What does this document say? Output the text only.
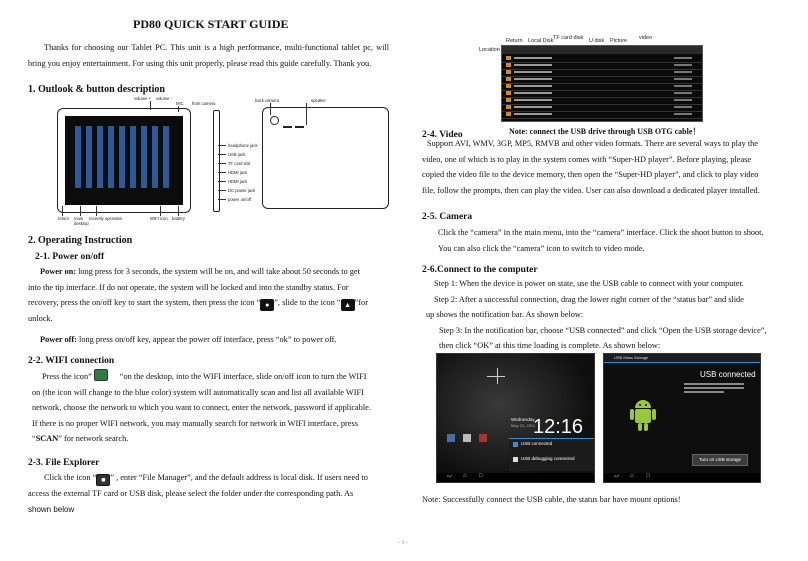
PD80 QUICK START GUIDE
Thanks for choosing our Tablet PC. This unit is a high performance, multi-functional tablet pc, will bring you enjoy entertainment. For using this unit properly, please read this guide carefully. Thank you.
1. Outlook & button description
volume + volume -
MIC front camera
return main desktop
recently operation	WIFI icon battery
back camera	speaker
headphone jack
USB jack
TF card slot
HDMI jack
HDMI jack
DC power jack
power on/off
2. Operating Instruction
2-1. Power on/off
Power on: long press for 3 seconds, the system will be on, and will take about 50 seconds to get
into the tip interface. If do not operate, the system will be locked and into the standby status. For
recovery, press the on/off key to start the system, then press the icon “ ● ”, slide to the icon “ ▲ ”for
unlock.
Power off: long press on/off key, appear the power off interface, press “ok” to power off.
2-2. WIFI connection
Press the icon”	“on the desktop, into the WIFI interface, slide on/off icon to turn the WIFI
on (the icon will change to the blue color) system will automatically scan and list all available WIFI
network, choose the network to which you want to connect, enter the network, password if applicable.
If there is no proper WIFI network, you may manually search for network in WIFI interface, press
“SCAN” for network search.
2-3. File Explorer
Click the icon “ ■ ” , enter “File Manager”, and the default address is local disk. If users need to
access the external TF card or USB disk, please select the folder under the corresponding path. As
shown below
Return Local Disk TF card disk U disk Picture video
Location
2-4. Video	Note: connect the USB drive through USB OTG cable！
Support AVI, WMV, 3GP, MP5, RMVB and other video formats. There are several ways to play the
video, one of which is to play in the system comes with “Super-HD player”. Before playing, please
copied the video file to the device memory, then open the “Super-HD player”, and click to play video
file, follow the prompts, then can play the video. User can also download a dedicated player installed.
2-5. Camera
Click the “camera” in the main menu, into the “camera” interface. Click the shoot button to shoot.
You can also click the “camera” icon to switch to video mode.
2-6.Connect to the computer
Step 1: When the device is power on state, use the USB cable to connect with your computer.
Step 2: After a successful connection, drag the lower right corner of the “status bar” and slide
up shows the notification bar. As shown below:
Step 3: In the notification bar, choose “USB connected” and click “Open the USB storage device”,
then click “OK” at this time loading is complete. As shown below:
12:16
Wednesday
May 23, 2012
USB connected
USB debugging connected
↩ ⌂ □
USB Mass Storage
USB connected
Turn on USB storage
↩ ⌂ □
Note: Successfully connect the USB cable, the status bar have mount options!
- 1 -
